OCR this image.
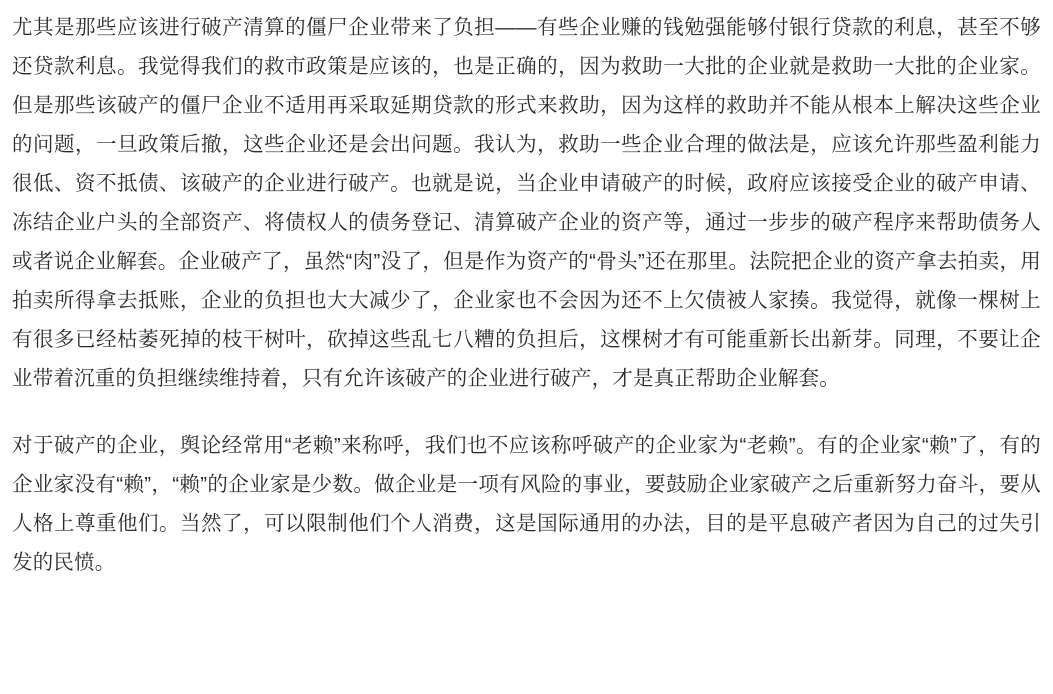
尤其是那些应该进行破产清算的僵尸企业带来了负担——有些企业赚的钱勉强能够付银行贷款的利息，甚至不够还贷款利息。我觉得我们的救市政策是应该的，也是正确的，因为救助一大批的企业就是救助一大批的企业家。但是那些该破产的僵尸企业不适用再采取延期贷款的形式来救助，因为这样的救助并不能从根本上解决这些企业的问题，一旦政策后撤，这些企业还是会出问题。我认为，救助一些企业合理的做法是，应该允许那些盈利能力很低、资不抵债、该破产的企业进行破产。也就是说，当企业申请破产的时候，政府应该接受企业的破产申请、冻结企业户头的全部资产、将债权人的债务登记、清算破产企业的资产等，通过一步步的破产程序来帮助债务人或者说企业解套。企业破产了，虽然“肉”没了，但是作为资产的“骨头”还在那里。法院把企业的资产拿去拍卖，用拍卖所得拿去抵账，企业的负担也大大减少了，企业家也不会因为还不上欠债被人家揍。我觉得，就像一棵树上有很多已经枯萎死掉的枝干树叶，砍掉这些乱七八糟的负担后，这棵树才有可能重新长出新芽。同理，不要让企业带着沉重的负担继续维持着，只有允许该破产的企业进行破产，才是真正帮助企业解套。

对于破产的企业，舆论经常用“老赖”来称呼，我们也不应该称呼破产的企业家为“老赖”。有的企业家“赖”了，有的企业家没有“赖”，“赖”的企业家是少数。做企业是一项有风险的事业，要鼓励企业家破产之后重新努力奋斗，要从人格上尊重他们。当然了，可以限制他们个人消费，这是国际通用的办法，目的是平息破产者因为自己的过失引发的民愤。
